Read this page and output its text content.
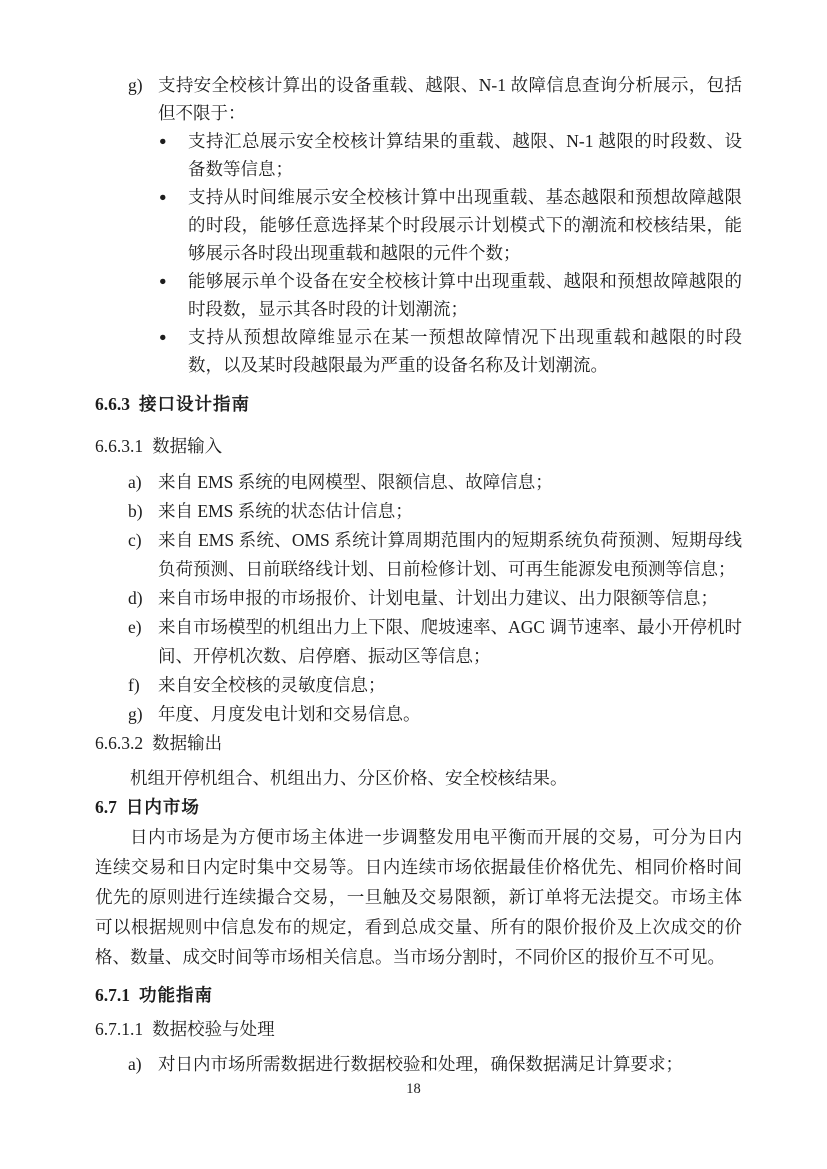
g) 支持安全校核计算出的设备重载、越限、N-1 故障信息查询分析展示，包括但不限于：
● 支持汇总展示安全校核计算结果的重载、越限、N-1 越限的时段数、设备数等信息；
● 支持从时间维展示安全校核计算中出现重载、基态越限和预想故障越限的时段，能够任意选择某个时段展示计划模式下的潮流和校核结果，能够展示各时段出现重载和越限的元件个数；
● 能够展示单个设备在安全校核计算中出现重载、越限和预想故障越限的时段数，显示其各时段的计划潮流；
● 支持从预想故障维显示在某一预想故障情况下出现重载和越限的时段数，以及某时段越限最为严重的设备名称及计划潮流。
6.6.3 接口设计指南
6.6.3.1 数据输入
a) 来自 EMS 系统的电网模型、限额信息、故障信息；
b) 来自 EMS 系统的状态估计信息；
c) 来自 EMS 系统、OMS 系统计算周期范围内的短期系统负荷预测、短期母线负荷预测、日前联络线计划、日前检修计划、可再生能源发电预测等信息；
d) 来自市场申报的市场报价、计划电量、计划出力建议、出力限额等信息；
e) 来自市场模型的机组出力上下限、爬坡速率、AGC 调节速率、最小开停机时间、开停机次数、启停磨、振动区等信息；
f) 来自安全校核的灵敏度信息；
g) 年度、月度发电计划和交易信息。
6.6.3.2 数据输出

机组开停机组合、机组出力、分区价格、安全校核结果。

6.7 日内市场

日内市场是为方便市场主体进一步调整发用电平衡而开展的交易，可分为日内连续交易和日内定时集中交易等。日内连续市场依据最佳价格优先、相同价格时间优先的原则进行连续撮合交易，一旦触及交易限额，新订单将无法提交。市场主体可以根据规则中信息发布的规定，看到总成交量、所有的限价报价及上次成交的价格、数量、成交时间等市场相关信息。当市场分割时，不同价区的报价互不可见。

6.7.1 功能指南
6.7.1.1 数据校验与处理
a) 对日内市场所需数据进行数据校验和处理，确保数据满足计算要求；
18
